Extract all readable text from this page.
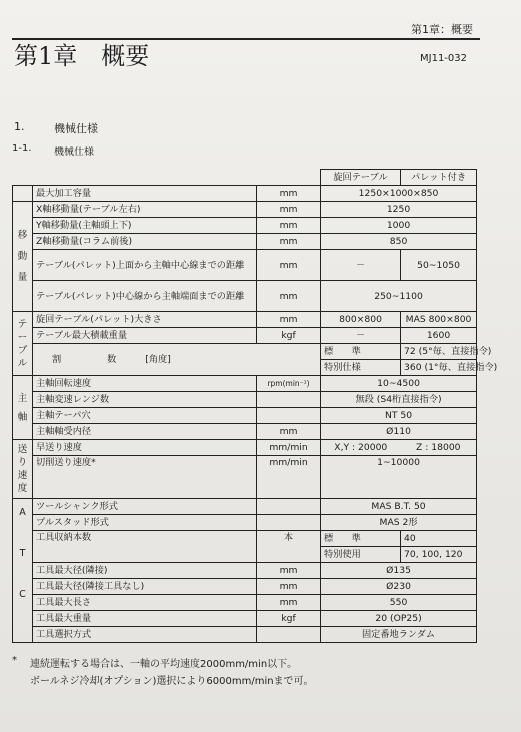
第1章：概要
第1章　概要	MJ11-032
1.	機械仕様
1-1. 機械仕様
			旋回テーブル	パレット付き
	最大加工容量	mm	1250×1000×850	

移
動
量	X軸移動量(テーブル左右)	mm	1250	
	Y軸移動量(主軸頭上下)	mm	1000	
	Z軸移動量(コラム前後)	mm	850	
	テーブル(パレット)上面から主軸中心線までの距離	mm	－	50~1050
	テーブル(パレット)中心線から主軸端面までの距離	mm	250~1100	

テ
ー
ブ
ル	旋回テーブル(パレット)大きさ	mm	800×800	MAS 800×800
	テーブル最大積載重量	kgf	－	1600
	割　　　　　数 [角度]		標　　準	72 (5°毎、直接指令)
			特別仕様	360 (1°毎、直接指令)

主
軸	主軸回転速度	rpm(min⁻¹)	10~4500	
	主軸変速レンジ数		無段 (S4桁直接指令)	
	主軸テーパ穴		NT 50	
	主軸軸受内径	mm	Ø110	

送
り
速
度	早送り速度	mm/min	X,Y : 20000	Z : 18000
	切削送り速度*	mm/min	1~10000	

A
T
C	ツールシャンク形式		MAS B.T. 50	
	プルスタッド形式		MAS 2形	
	工具収納本数	本	標　　準	40
			特別使用	70, 100, 120
	工具最大径(隣接)	mm	Ø135	
	工具最大径(隣接工具なし)	mm	Ø230	
	工具最大長さ	mm	550	
	工具最大重量	kgf	20 (OP25)	
	工具選択方式		固定番地ランダム	
* 連続運転する場合は、一軸の平均速度2000mm/min以下。
ボールネジ冷却(オプション)選択により6000mm/minまで可。
